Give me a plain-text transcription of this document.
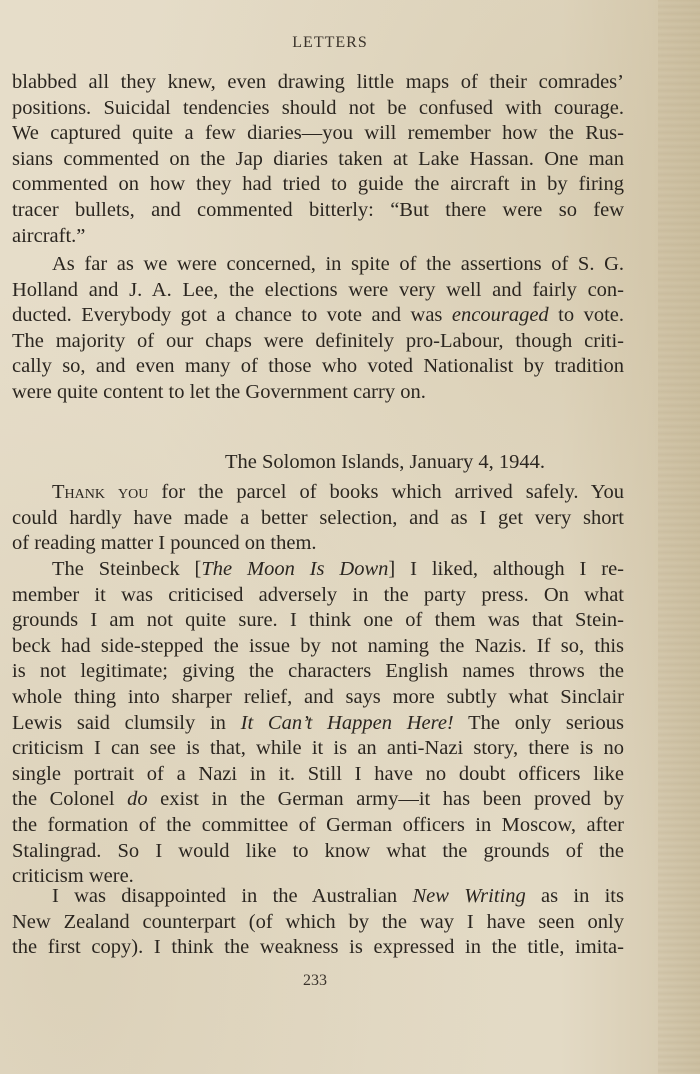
LETTERS
blabbed all they knew, even drawing little maps of their comrades’
positions. Suicidal tendencies should not be confused with courage.
We captured quite a few diaries—you will remember how the Rus-
sians commented on the Jap diaries taken at Lake Hassan. One man
commented on how they had tried to guide the aircraft in by firing
tracer bullets, and commented bitterly: “But there were so few
aircraft.”
As far as we were concerned, in spite of the assertions of S. G.
Holland and J. A. Lee, the elections were very well and fairly con-
ducted. Everybody got a chance to vote and was encouraged to vote.
The majority of our chaps were definitely pro-Labour, though criti-
cally so, and even many of those who voted Nationalist by tradition
were quite content to let the Government carry on.
The Solomon Islands, January 4, 1944.
Thank you for the parcel of books which arrived safely. You
could hardly have made a better selection, and as I get very short
of reading matter I pounced on them.
The Steinbeck [The Moon Is Down] I liked, although I re-
member it was criticised adversely in the party press. On what
grounds I am not quite sure. I think one of them was that Stein-
beck had side-stepped the issue by not naming the Nazis. If so, this
is not legitimate; giving the characters English names throws the
whole thing into sharper relief, and says more subtly what Sinclair
Lewis said clumsily in It Can’t Happen Here! The only serious
criticism I can see is that, while it is an anti-Nazi story, there is no
single portrait of a Nazi in it. Still I have no doubt officers like
the Colonel do exist in the German army—it has been proved by
the formation of the committee of German officers in Moscow, after
Stalingrad. So I would like to know what the grounds of the
criticism were.
I was disappointed in the Australian New Writing as in its
New Zealand counterpart (of which by the way I have seen only
the first copy). I think the weakness is expressed in the title, imita-
233
